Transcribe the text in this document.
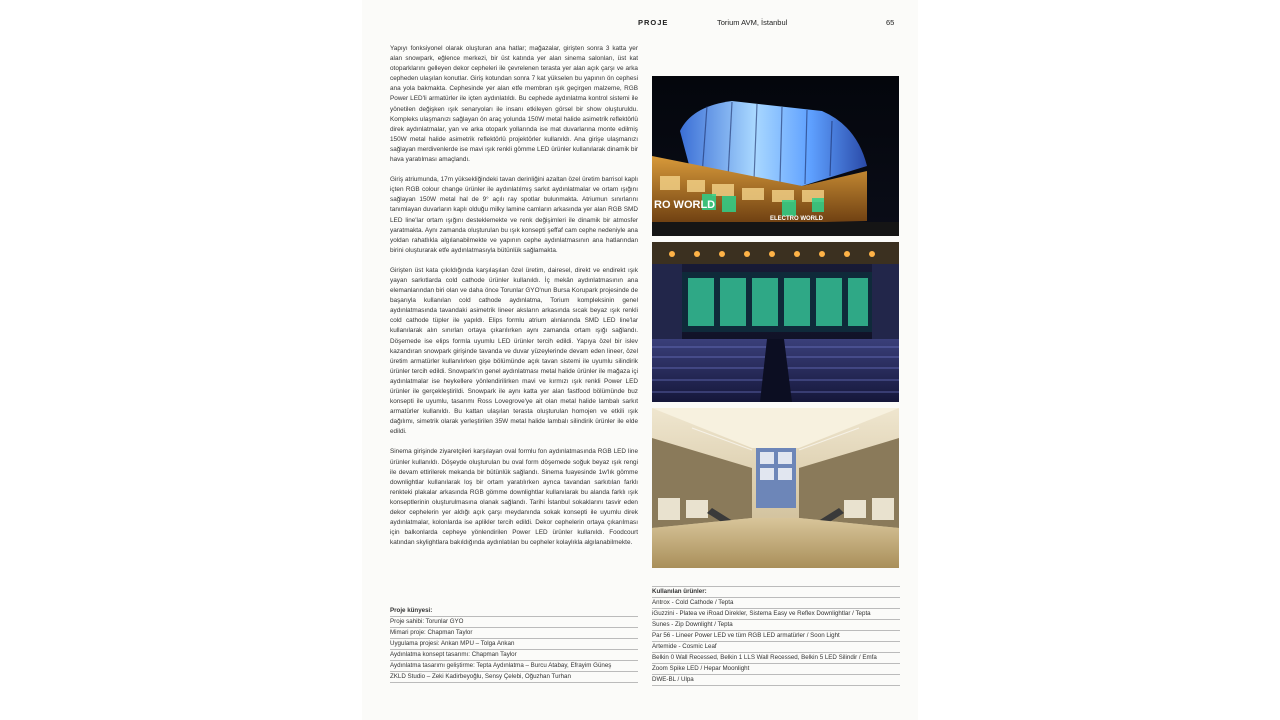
PROJE	Torium AVM, İstanbul	65

Yapıyı fonksiyonel olarak oluşturan ana hatlar; mağazalar, girişten sonra 3 katta yer alan snowpark, eğlence merkezi, bir üst katında yer alan sinema salonları, üst kat otoparklarını gelleyen dekor cepheleri ile çevrelenen terasta yer alan açık çarşı ve arka cepheden ulaşılan konutlar. Giriş kotundan sonra 7 kat yükselen bu yapının ön cephesi ana yola bakmakta. Cephesinde yer alan etfe membran ışık geçirgen malzeme, RGB Power LED'li armatürler ile içten aydınlatıldı. Bu cephede aydınlatma kontrol sistemi ile yönetilen değişken ışık senaryoları ile insanı etkileyen görsel bir show oluşturuldu. Kompleks ulaşmanızı sağlayan ön araç yolunda 150W metal halide asimetrik reflektörlü direk aydınlatmalar, yan ve arka otopark yollarında ise mat duvarlarına monte edilmiş 150W metal halide asimetrik reflektörlü projektörler kullanıldı. Ana girişe ulaşmanızı sağlayan merdivenlerde ise mavi ışık renkli gömme LED ürünler kullanılarak dinamik bir hava yaratılması amaçlandı.

Giriş atriumunda, 17m yüksekliğindeki tavan derinliğini azaltan özel üretim barrisol kaplı içten RGB colour change ürünler ile aydınlatılmış sarkıt aydınlatmalar ve ortam ışığını sağlayan 150W metal hal de 9° açılı ray spotlar bulunmakta. Atriumun sınırlarını tanımlayan duvarların kaplı olduğu milky lamine camların arkasında yer alan RGB SMD LED line'lar ortam ışığını desteklemekte ve renk değişimleri ile dinamik bir atmosfer yaratmakta. Aynı zamanda oluşturulan bu ışık konsepti şeffaf cam cephe nedeniyle ana yoldan rahatlıkla algılanabilmekte ve yapının cephe aydınlatmasının ana hatlarından birini oluşturarak etfe aydınlatmasıyla bütünlük sağlamakta.

Girişten üst kata çıkıldığında karşılaşılan özel üretim, dairesel, direkt ve endirekt ışık yayan sarkıtlarda cold cathode ürünler kullanıldı. İç mekân aydınlatmasının ana elemanlarından biri olan ve daha önce Torunlar GYO'nun Bursa Korupark projesinde de başarıyla kullanılan cold cathode aydınlatma, Torium kompleksinin genel aydınlatmasında tavandaki asimetrik lineer aksların arkasında sıcak beyaz ışık renkli cold cathode tüpler ile yapıldı. Elips formlu atrium alınlarında SMD LED line'lar kullanılarak alın sınırları ortaya çıkarılırken aynı zamanda ortam ışığı sağlandı. Döşemede ise elips formla uyumlu LED ürünler tercih edildi. Yapıya özel bir islev kazandıran snowpark girişinde tavanda ve duvar yüzeylerinde devam eden lineer, özel üretim armatürler kullanılırken gişe bölümünde açık tavan sistemi ile uyumlu silindirik ürünler tercih edildi. Snowpark'ın genel aydınlatması metal halide ürünler ile mağaza içi aydınlatmalar ise heykellere yönlendirilirken mavi ve kırmızı ışık renkli Power LED ürünler ile gerçekleştirildi. Snowpark ile aynı katta yer alan fastfood bölümünde buz konsepti ile uyumlu, tasarımı Ross Lovegrove'ye ait olan metal halide lambalı sarkıt armatürler kullanıldı. Bu kattan ulaşılan terasta oluşturulan homojen ve etkili ışık dağılımı, simetrik olarak yerleştirilen 35W metal halide lambalı silindirik ürünler ile elde edildi.

Sinema girişinde ziyaretçileri karşılayan oval formlu fon aydınlatmasında RGB LED line ürünler kullanıldı. Döşeyde oluşturulan bu oval form döşemede soğuk beyaz ışık rengi ile devam ettirilerek mekanda bir bütünlük sağlandı. Sinema fuayesinde 1w'lık gömme downlightlar kullanılarak loş bir ortam yaratılırken ayrıca tavandan sarkıtılan farklı renkteki plakalar arkasında RGB gömme downlightlar kullanılarak bu alanda farklı ışık konseptlerinin oluşturulmasına olanak sağlandı. Tarihi İstanbul sokaklarını tasvir eden dekor cephelerin yer aldığı açık çarşı meydanında sokak konsepti ile uyumlu direk aydınlatmalar, kolonlarda ise aplikler tercih edildi. Dekor cephelerin ortaya çıkarılması için balkonlarda cepheye yönlendirilen Power LED ürünler kullanıldı. Foodcourt katından skylightlara bakıldığında aydınlatılan bu cepheler kolaylıkla algılanabilmekte.

Proje künyesi:
Proje sahibi: Torunlar GYO
Mimari proje: Chapman Taylor
Uygulama projesi: Ankan MPU – Tolga Ankan
Aydınlatma konsept tasarımı: Chapman Taylor
Aydınlatma tasarımı geliştirme: Tepta Aydınlatma – Burcu Atabay, Efrayim Güneş
ZKLD Studio – Zeki Kadirbeyoğlu, Sensy Çelebi, Oğuzhan Turhan
RO WORLD
ELECTRO WORLD
Kullanılan ürünler:
Antrox - Cold Cathode / Tepta
iGuzzini - Platea ve iRoad Direkler, Sistema Easy ve Reflex Downlightlar / Tepta
Sunes - Zip Downlight / Tepta
Par 56 - Lineer Power LED ve tüm RGB LED armatürler / Soon Light
Artemide - Cosmic Leaf
Belkin 0 Wall Recessed, Belkin 1 LLS Wall Recessed, Belkin 5 LED Silindir / Emfa
Zoom Spike LED / Hepar Moonlight
DWE-BL / Ulpa
